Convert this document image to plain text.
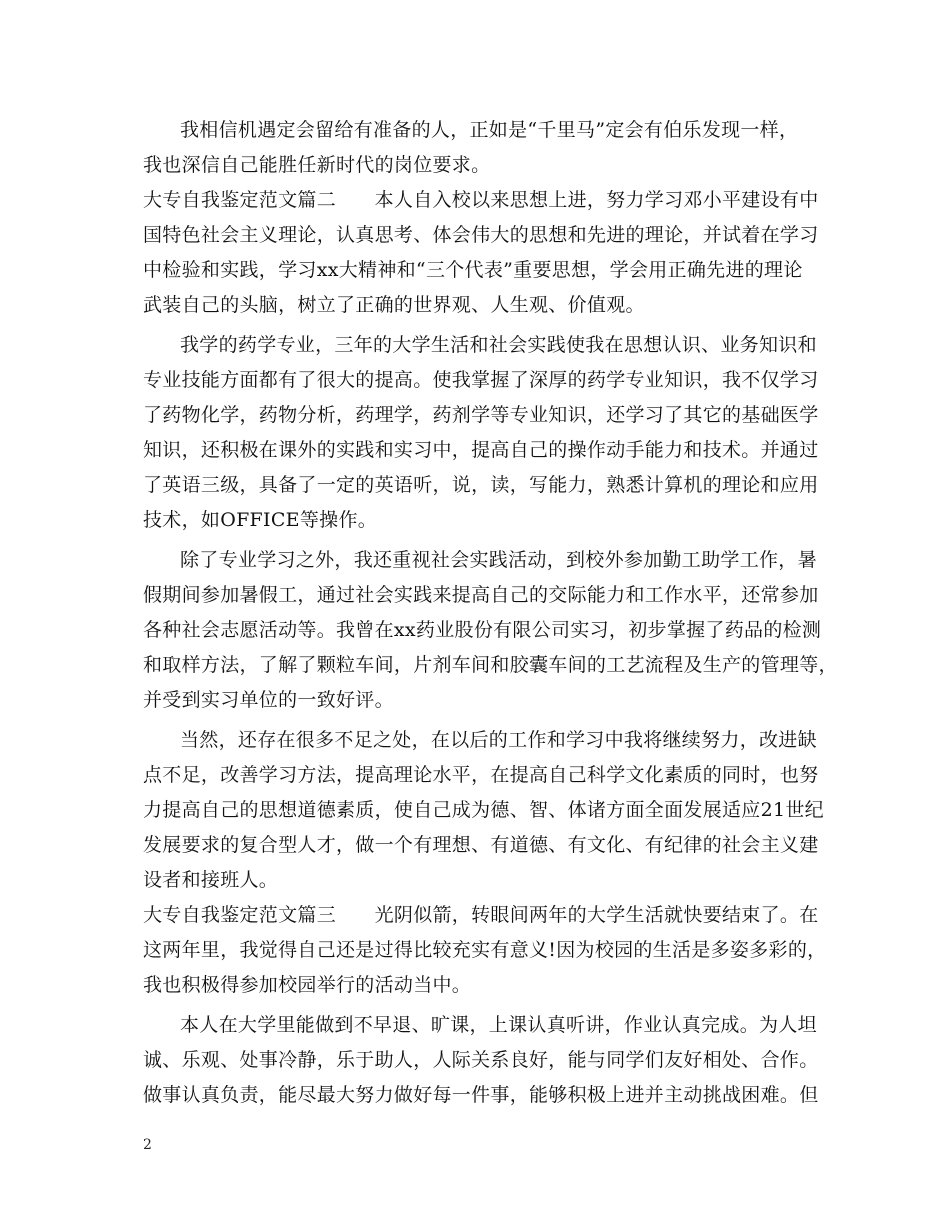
我相信机遇定会留给有准备的人，正如是“千里马”定会有伯乐发现一样，
我也深信自己能胜任新时代的岗位要求。
大专自我鉴定范文篇二　　本人自入校以来思想上进，努力学习邓小平建设有中
国特色社会主义理论，认真思考、体会伟大的思想和先进的理论，并试着在学习
中检验和实践，学习xx大精神和“三个代表”重要思想，学会用正确先进的理论
武装自己的头脑，树立了正确的世界观、人生观、价值观。
我学的药学专业，三年的大学生活和社会实践使我在思想认识、业务知识和
专业技能方面都有了很大的提高。使我掌握了深厚的药学专业知识，我不仅学习
了药物化学，药物分析，药理学，药剂学等专业知识，还学习了其它的基础医学
知识，还积极在课外的实践和实习中，提高自己的操作动手能力和技术。并通过
了英语三级，具备了一定的英语听，说，读，写能力，熟悉计算机的理论和应用
技术，如OFFICE等操作。
除了专业学习之外，我还重视社会实践活动，到校外参加勤工助学工作，暑
假期间参加暑假工，通过社会实践来提高自己的交际能力和工作水平，还常参加
各种社会志愿活动等。我曾在xx药业股份有限公司实习，初步掌握了药品的检测
和取样方法，了解了颗粒车间，片剂车间和胶囊车间的工艺流程及生产的管理等，
并受到实习单位的一致好评。
当然，还存在很多不足之处，在以后的工作和学习中我将继续努力，改进缺
点不足，改善学习方法，提高理论水平，在提高自己科学文化素质的同时，也努
力提高自己的思想道德素质，使自己成为德、智、体诸方面全面发展适应21世纪
发展要求的复合型人才，做一个有理想、有道德、有文化、有纪律的社会主义建
设者和接班人。
大专自我鉴定范文篇三　　光阴似箭，转眼间两年的大学生活就快要结束了。在
这两年里，我觉得自己还是过得比较充实有意义!因为校园的生活是多姿多彩的，
我也积极得参加校园举行的活动当中。
本人在大学里能做到不早退、旷课，上课认真听讲，作业认真完成。为人坦
诚、乐观、处事冷静，乐于助人，人际关系良好，能与同学们友好相处、合作。
做事认真负责，能尽最大努力做好每一件事，能够积极上进并主动挑战困难。但
2
